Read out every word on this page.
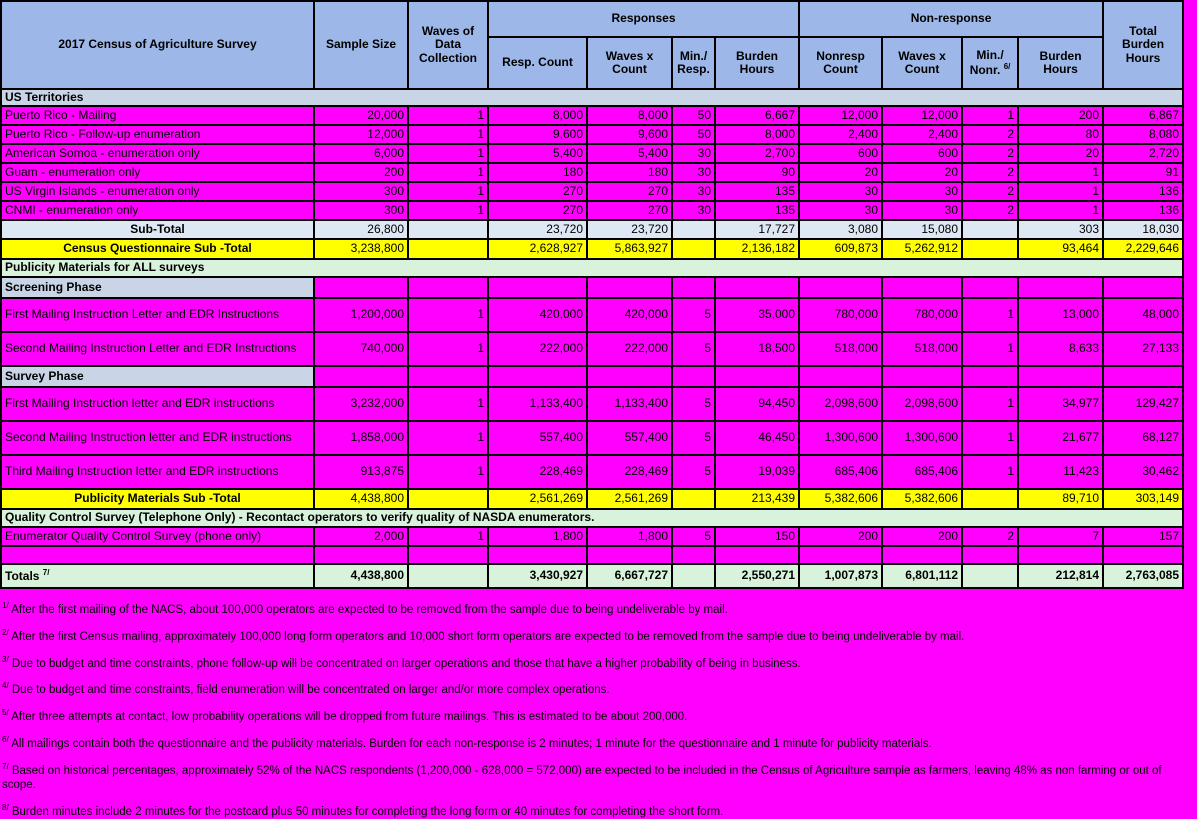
2017 Census of Agriculture Survey	Sample Size	Waves of Data Collection	Responses				Non-response				Total Burden Hours
			Resp. Count	Waves x Count	Min./ Resp.	Burden Hours	Nonresp Count	Waves x Count	Min./ Nonr. $^{6/}$	Burden Hours	
US Territories											
Puerto Rico - Mailing	20,000	1	8,000	8,000	50	6,667	12,000	12,000	1	200	6,867
Puerto Rico - Follow-up enumeration	12,000	1	9,600	9,600	50	8,000	2,400	2,400	2	80	8,080
American Somoa - enumeration only	6,000	1	5,400	5,400	30	2,700	600	600	2	20	2,720
Guam - enumeration only	200	1	180	180	30	90	20	20	2	1	91
US Virgin Islands - enumeration only	300	1	270	270	30	135	30	30	2	1	136
CNMI - enumeration only	300	1	270	270	30	135	30	30	2	1	136
Sub-Total	26,800		23,720	23,720		17,727	3,080	15,080		303	18,030
Census Questionnaire Sub -Total	3,238,800		2,628,927	5,863,927		2,136,182	609,873	5,262,912		93,464	2,229,646
Publicity Materials for ALL surveys											
Screening Phase											
First Mailing Instruction Letter and EDR Instructions	1,200,000	1	420,000	420,000	5	35,000	780,000	780,000	1	13,000	48,000
Second Mailing Instruction Letter and EDR Instructions	740,000	1	222,000	222,000	5	18,500	518,000	518,000	1	8,633	27,133
Survey Phase											
First Mailing Instruction letter and EDR instructions	3,232,000	1	1,133,400	1,133,400	5	94,450	2,098,600	2,098,600	1	34,977	129,427
Second Mailing Instruction letter and EDR instructions	1,858,000	1	557,400	557,400	5	46,450	1,300,600	1,300,600	1	21,677	68,127
Third Mailing Instruction letter and EDR instructions	913,875	1	228,469	228,469	5	19,039	685,406	685,406	1	11,423	30,462
Publicity Materials Sub -Total	4,438,800		2,561,269	2,561,269		213,439	5,382,606	5,382,606		89,710	303,149
Quality Control Survey (Telephone Only) - Recontact operators to verify quality of NASDA enumerators.											
Enumerator Quality Control Survey (phone only)	2,000	1	1,800	1,800	5	150	200	200	2	7	157

Totals $^{7/}$	4,438,800		3,430,927	6,667,727		2,550,271	1,007,873	6,801,112		212,814	2,763,085

$^{1/}$ After the first mailing of the NACS, about 100,000 operators are expected to be removed from the sample due to being undeliverable by mail.

$^{2/}$ After the first Census mailing, approximately 100,000 long form operators and 10,000 short form operators are expected to be removed from the sample due to being undeliverable by mail.

$^{3/}$ Due to budget and time constraints, phone follow-up will be concentrated on larger operations and those that have a higher probability of being in business.

$^{4/}$ Due to budget and time constraints, field enumeration will be concentrated on larger and/or more complex operations.

$^{5/}$ After three attempts at contact, low probability operations will be dropped from future mailings. This is estimated to be about 200,000.

$^{6/}$ All mailings contain both the questionnaire and the publicity materials. Burden for each non-response is 2 minutes; 1 minute for the questionnaire and 1 minute for publicity materials.

$^{7/}$ Based on historical percentages, approximately 52% of the NACS respondents (1,200,000 - 628,000 = 572,000) are expected to be included in the Census of Agriculture sample as farmers, leaving 48% as non farming or out of scope.

$^{8/}$ Burden minutes include 2 minutes for the postcard plus 50 minutes for completing the long form or 40 minutes for completing the short form.
